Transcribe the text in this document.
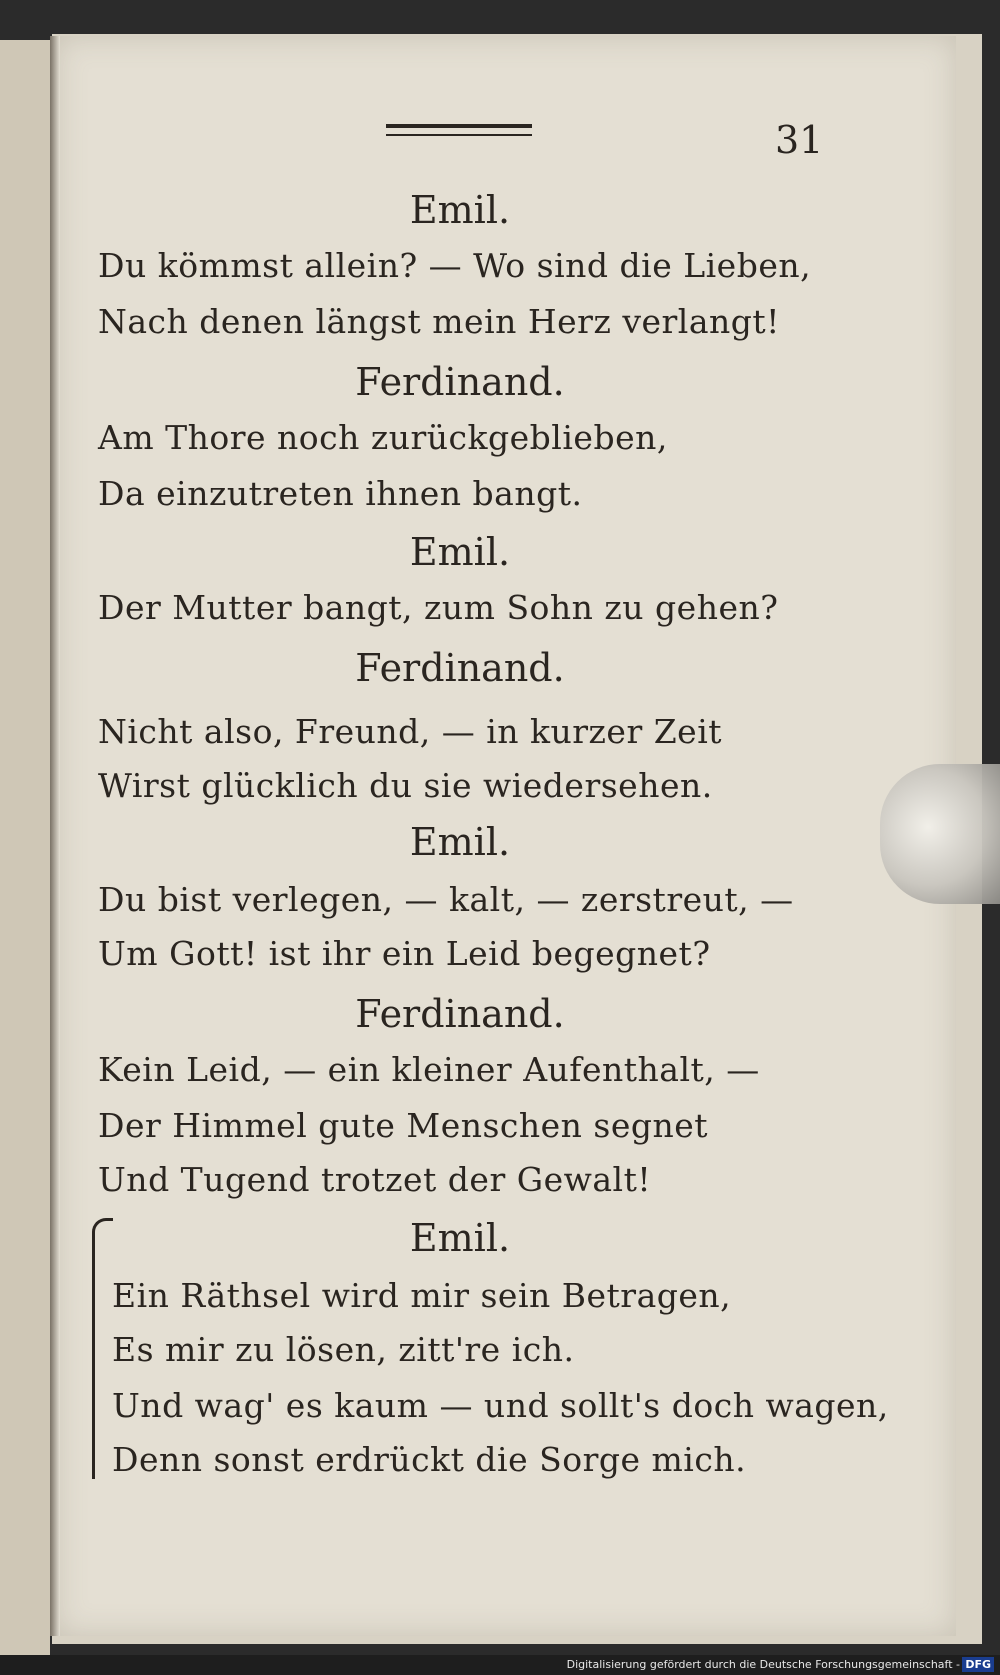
31
Emil.
Du kömmst allein? — Wo sind die Lieben,
Nach denen längst mein Herz verlangt!
Ferdinand.
Am Thore noch zurückgeblieben,
Da einzutreten ihnen bangt.
Emil.
Der Mutter bangt, zum Sohn zu gehen?
Ferdinand.
Nicht also, Freund, — in kurzer Zeit
Wirst glücklich du sie wiedersehen.
Emil.
Du bist verlegen, — kalt, — zerstreut, —
Um Gott! ist ihr ein Leid begegnet?
Ferdinand.
Kein Leid, — ein kleiner Aufenthalt, —
Der Himmel gute Menschen segnet
Und Tugend trotzet der Gewalt!
Emil.
Ein Räthsel wird mir sein Betragen,
Es mir zu lösen, zitt're ich.
Und wag' es kaum — und sollt's doch wagen,
Denn sonst erdrückt die Sorge mich.
Digitalisierung gefördert durch die Deutsche Forschungsgemeinschaft - DFG
